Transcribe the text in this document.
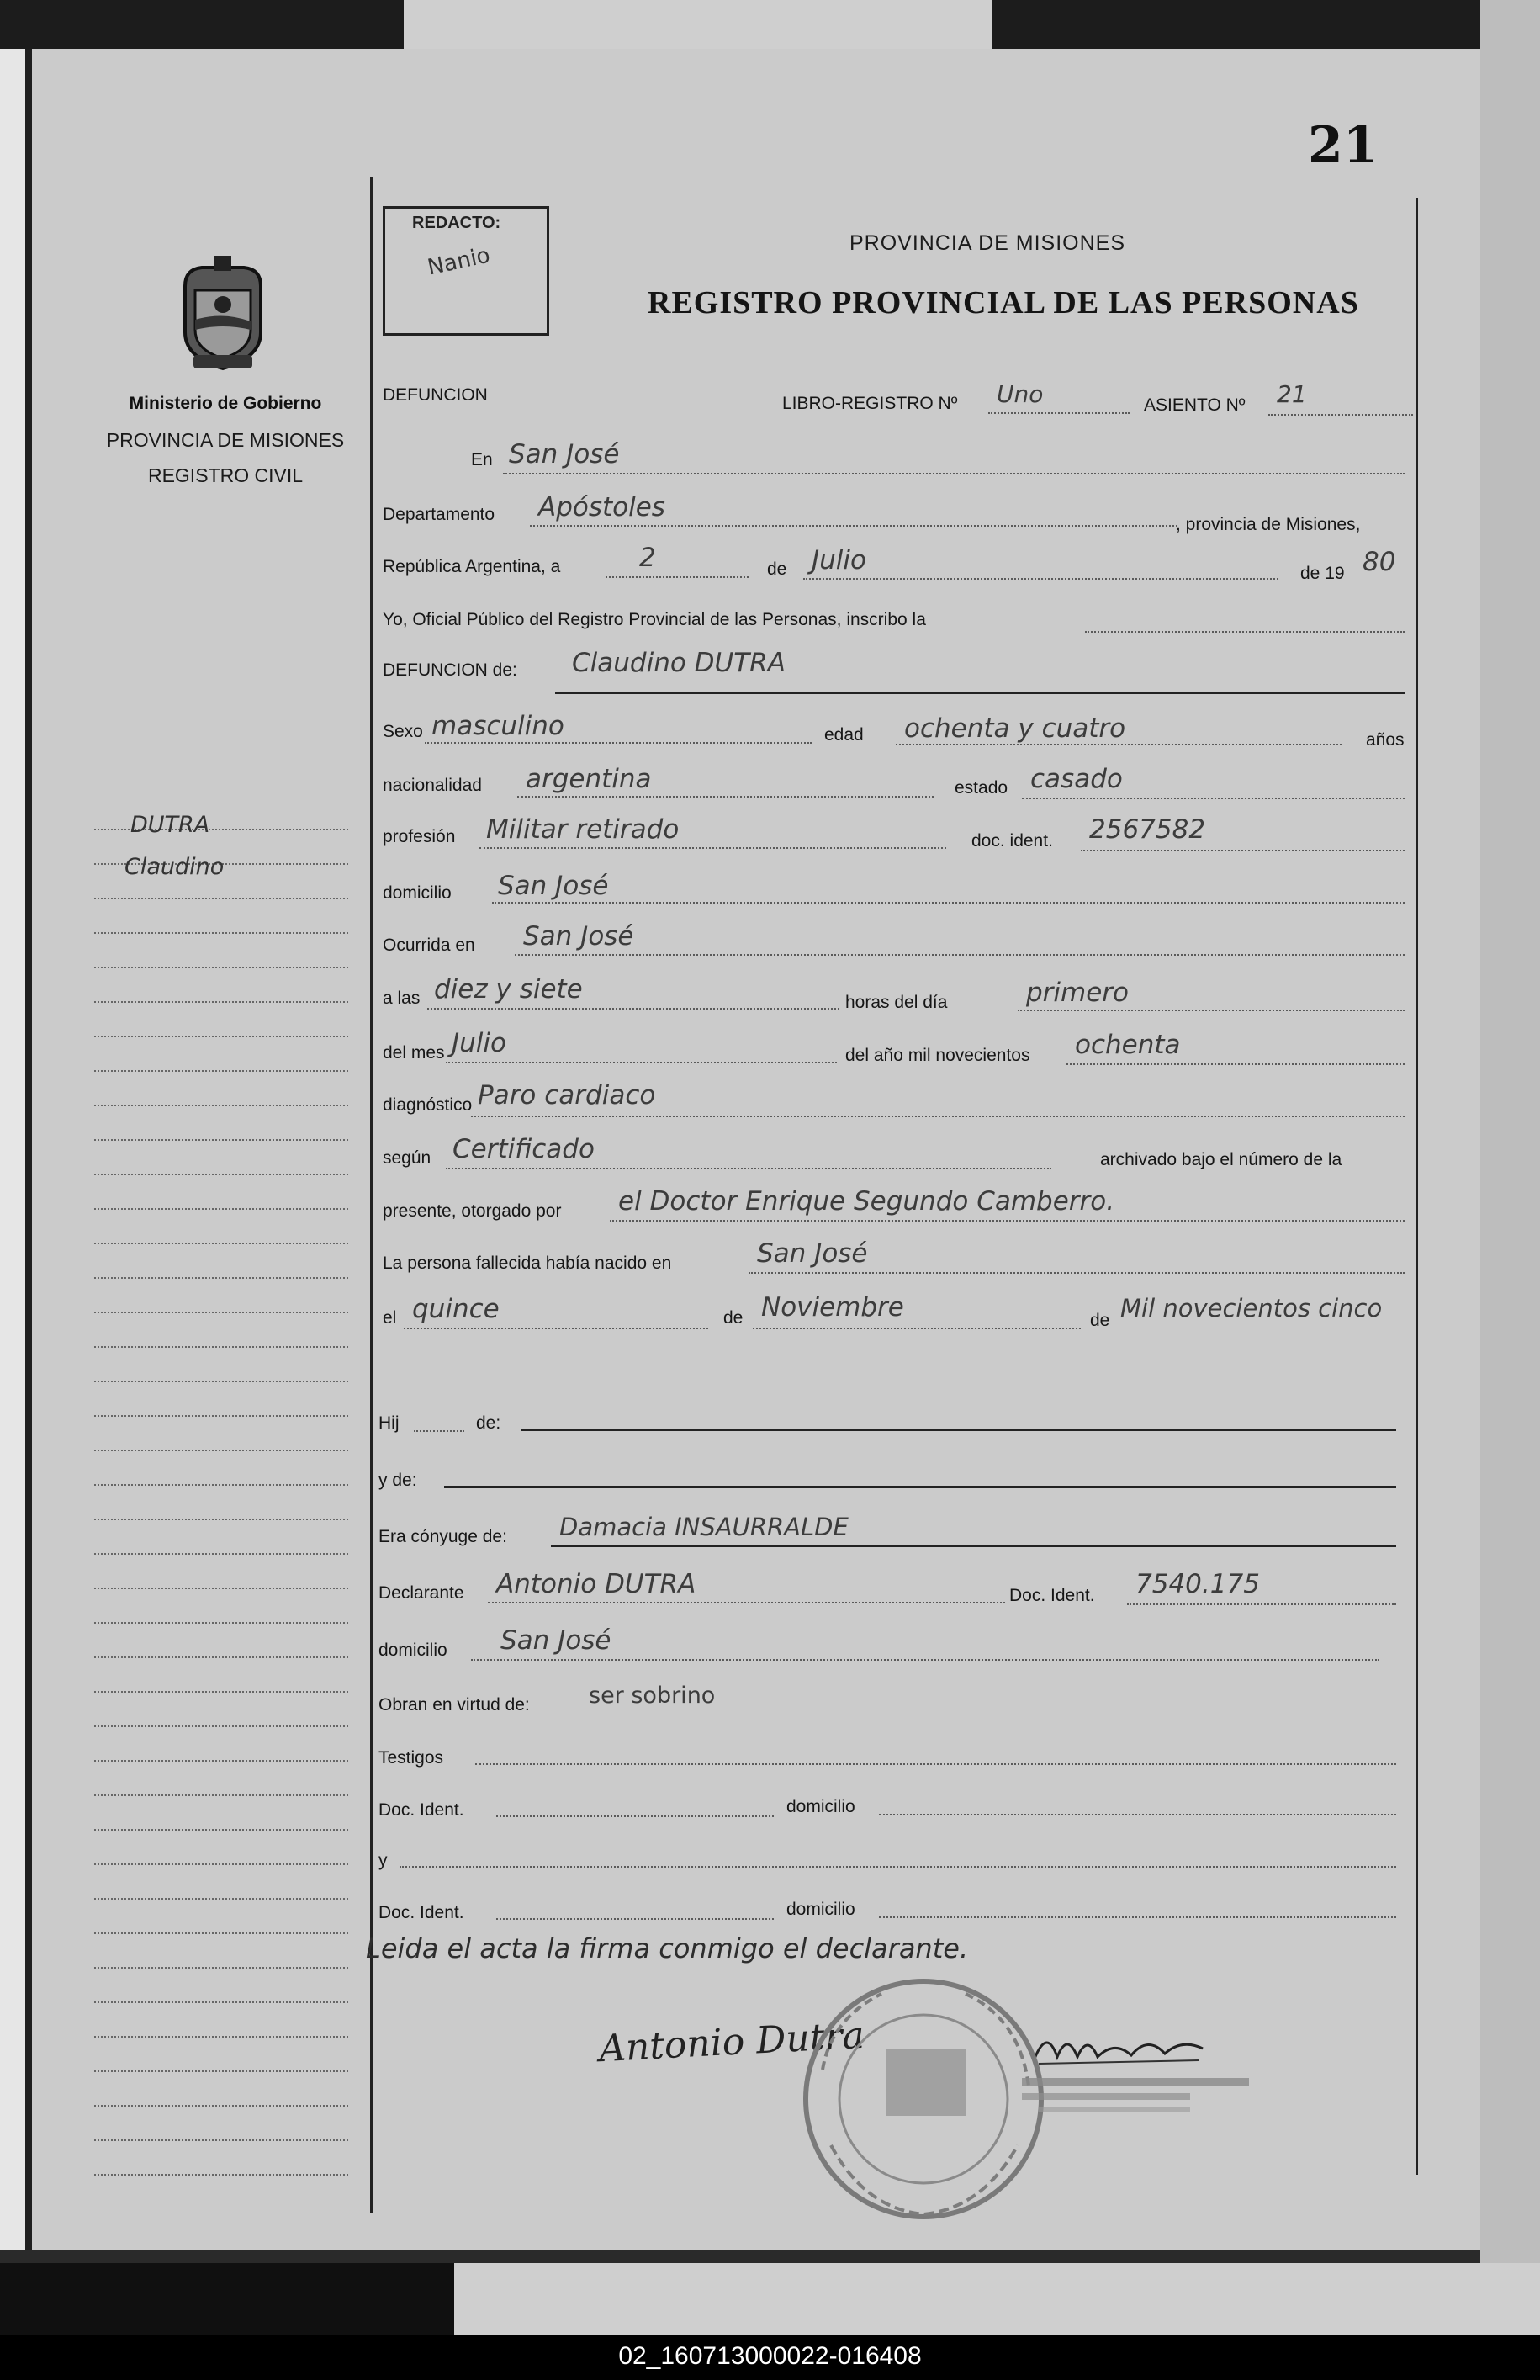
21
REDACTO:
Nanio	PROVINCIA DE MISIONES
REGISTRO PROVINCIAL DE LAS PERSONAS
Ministerio de Gobierno
PROVINCIA DE MISIONES
REGISTRO CIVIL
DUTRA
Claudino
DEFUNCION	LIBRO-REGISTRO Nº Uno	ASIENTO Nº 21
En San José
Departamento Apóstoles
, provincia de Misiones,
República Argentina, a	2	de Julio	de 19 80
Yo, Oficial Público del Registro Provincial de las Personas, inscribo la
DEFUNCION de: Claudino DUTRA
Sexo masculino	edad ochenta y cuatro	años
nacionalidad argentina	estado casado
profesión Militar retirado	doc. ident. 2567582
domicilio San José
Ocurrida en San José
a las diez y siete	horas del día	primero
del mes Julio	del año mil novecientos ochenta
diagnóstico Paro cardiaco
según Certificado	archivado bajo el número de la
presente, otorgado por el Doctor Enrique Segundo Camberro.
La persona fallecida había nacido en	San José
el quince	de Noviembre	de Mil novecientos cinco
Hij	de:
y de:
Era cónyuge de: Damacia INSAURRALDE
Declarante Antonio DUTRA	Doc. Ident. 7540.175
domicilio San José
Obran en virtud de:	ser sobrino
Testigos
Doc. Ident.	domicilio
y
Doc. Ident.	domicilio
Leida el acta la firma conmigo el declarante.
Antonio Dutra
02_160713000022-016408
